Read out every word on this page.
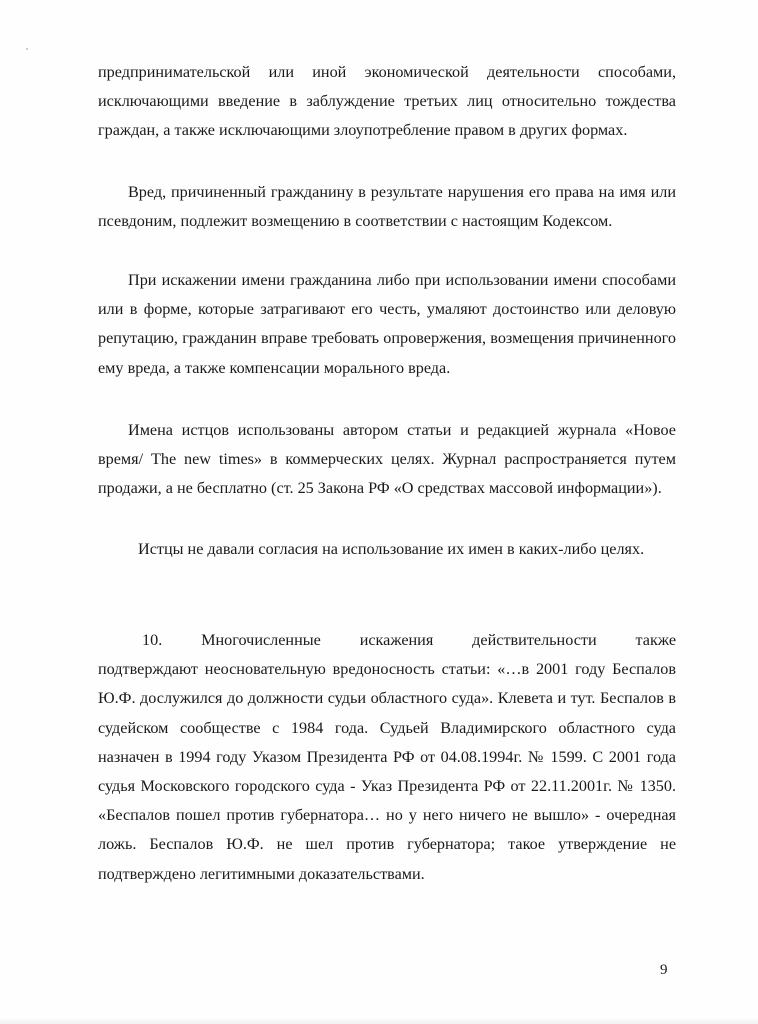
предпринимательской или иной экономической деятельности способами, исключающими введение в заблуждение третьих лиц относительно тождества граждан, а также исключающими злоупотребление правом в других формах.

Вред, причиненный гражданину в результате нарушения его права на имя или псевдоним, подлежит возмещению в соответствии с настоящим Кодексом.

При искажении имени гражданина либо при использовании имени способами или в форме, которые затрагивают его честь, умаляют достоинство или деловую репутацию, гражданин вправе требовать опровержения, возмещения причиненного ему вреда, а также компенсации морального вреда.

Имена истцов использованы автором статьи и редакцией журнала «Новое время/ The new times» в коммерческих целях. Журнал распространяется путем продажи, а не бесплатно (ст. 25 Закона РФ «О средствах массовой информации»).

Истцы не давали согласия на использование их имен в каких-либо целях.

10. Многочисленные искажения действительности также
подтверждают неосновательную вредоносность статьи: «…в 2001 году Беспалов Ю.Ф. дослужился до должности судьи областного суда». Клевета и тут. Беспалов в судейском сообществе с 1984 года. Судьей Владимирского областного суда назначен в 1994 году Указом Президента РФ от 04.08.1994г. № 1599. С 2001 года судья Московского городского суда - Указ Президента РФ от 22.11.2001г. № 1350. «Беспалов пошел против губернатора… но у него ничего не вышло» - очередная ложь. Беспалов Ю.Ф. не шел против губернатора; такое утверждение не подтверждено легитимными доказательствами.
9
